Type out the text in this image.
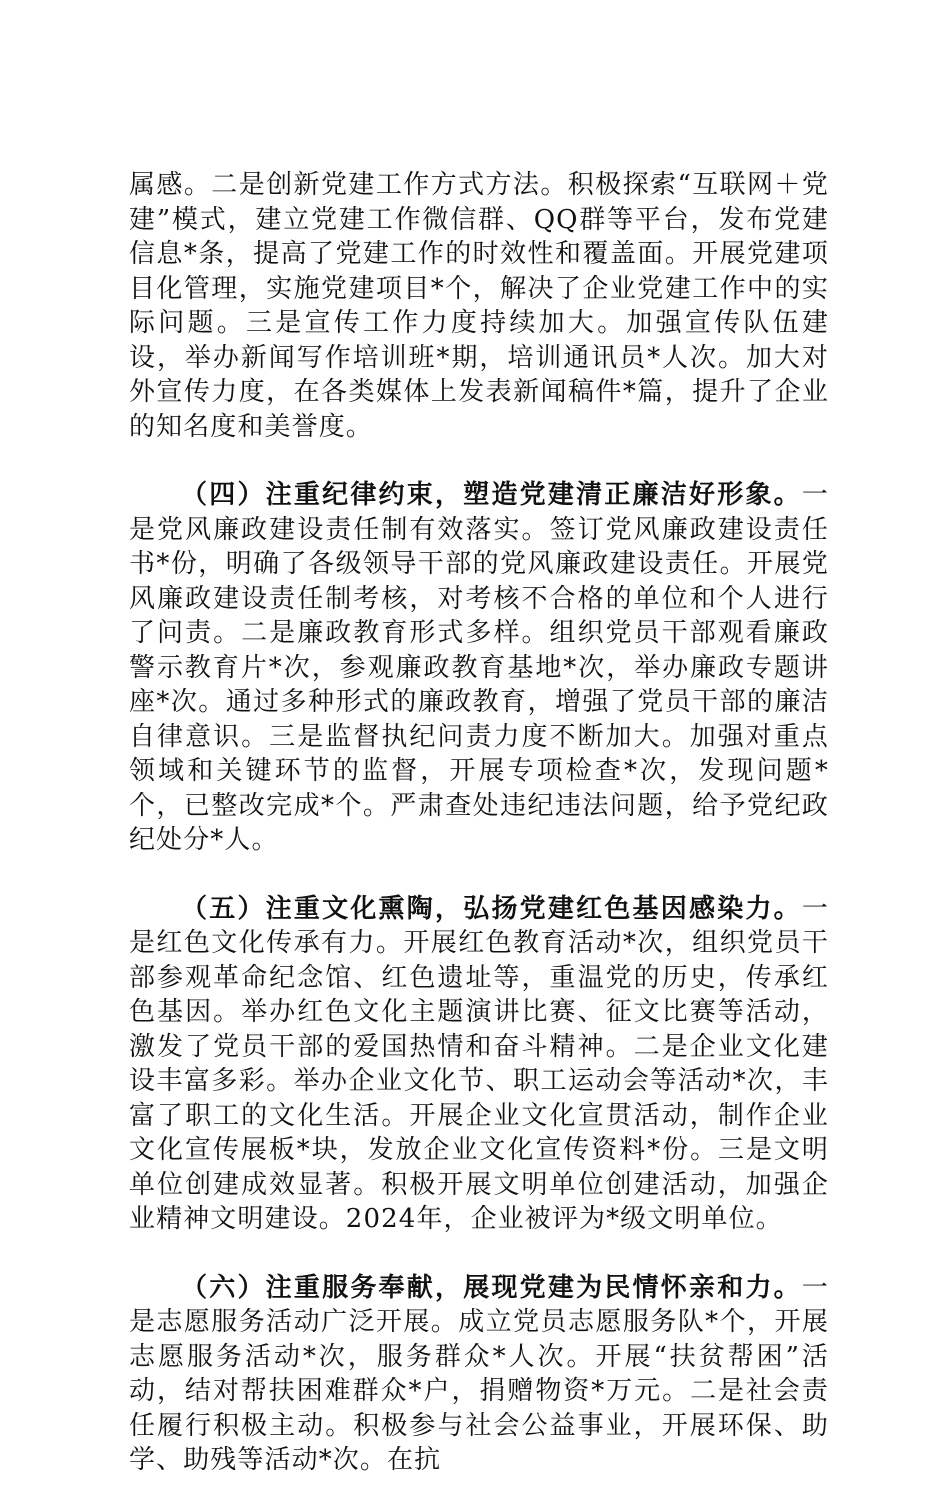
属感。二是创新党建工作方式方法。积极探索“互联网＋党建”模式，建立党建工作微信群、QQ群等平台，发布党建信息*条，提高了党建工作的时效性和覆盖面。开展党建项目化管理，实施党建项目*个，解决了企业党建工作中的实际问题。三是宣传工作力度持续加大。加强宣传队伍建设，举办新闻写作培训班*期，培训通讯员*人次。加大对外宣传力度，在各类媒体上发表新闻稿件*篇，提升了企业的知名度和美誉度。

（四）注重纪律约束，塑造党建清正廉洁好形象。一是党风廉政建设责任制有效落实。签订党风廉政建设责任书*份，明确了各级领导干部的党风廉政建设责任。开展党风廉政建设责任制考核，对考核不合格的单位和个人进行了问责。二是廉政教育形式多样。组织党员干部观看廉政警示教育片*次，参观廉政教育基地*次，举办廉政专题讲座*次。通过多种形式的廉政教育，增强了党员干部的廉洁自律意识。三是监督执纪问责力度不断加大。加强对重点领域和关键环节的监督，开展专项检查*次，发现问题*个，已整改完成*个。严肃查处违纪违法问题，给予党纪政纪处分*人。

（五）注重文化熏陶，弘扬党建红色基因感染力。一是红色文化传承有力。开展红色教育活动*次，组织党员干部参观革命纪念馆、红色遗址等，重温党的历史，传承红色基因。举办红色文化主题演讲比赛、征文比赛等活动，激发了党员干部的爱国热情和奋斗精神。二是企业文化建设丰富多彩。举办企业文化节、职工运动会等活动*次，丰富了职工的文化生活。开展企业文化宣贯活动，制作企业文化宣传展板*块，发放企业文化宣传资料*份。三是文明单位创建成效显著。积极开展文明单位创建活动，加强企业精神文明建设。2024年，企业被评为*级文明单位。

（六）注重服务奉献，展现党建为民情怀亲和力。一是志愿服务活动广泛开展。成立党员志愿服务队*个，开展志愿服务活动*次，服务群众*人次。开展“扶贫帮困”活动，结对帮扶困难群众*户，捐赠物资*万元。二是社会责任履行积极主动。积极参与社会公益事业，开展环保、助学、助残等活动*次。在抗
